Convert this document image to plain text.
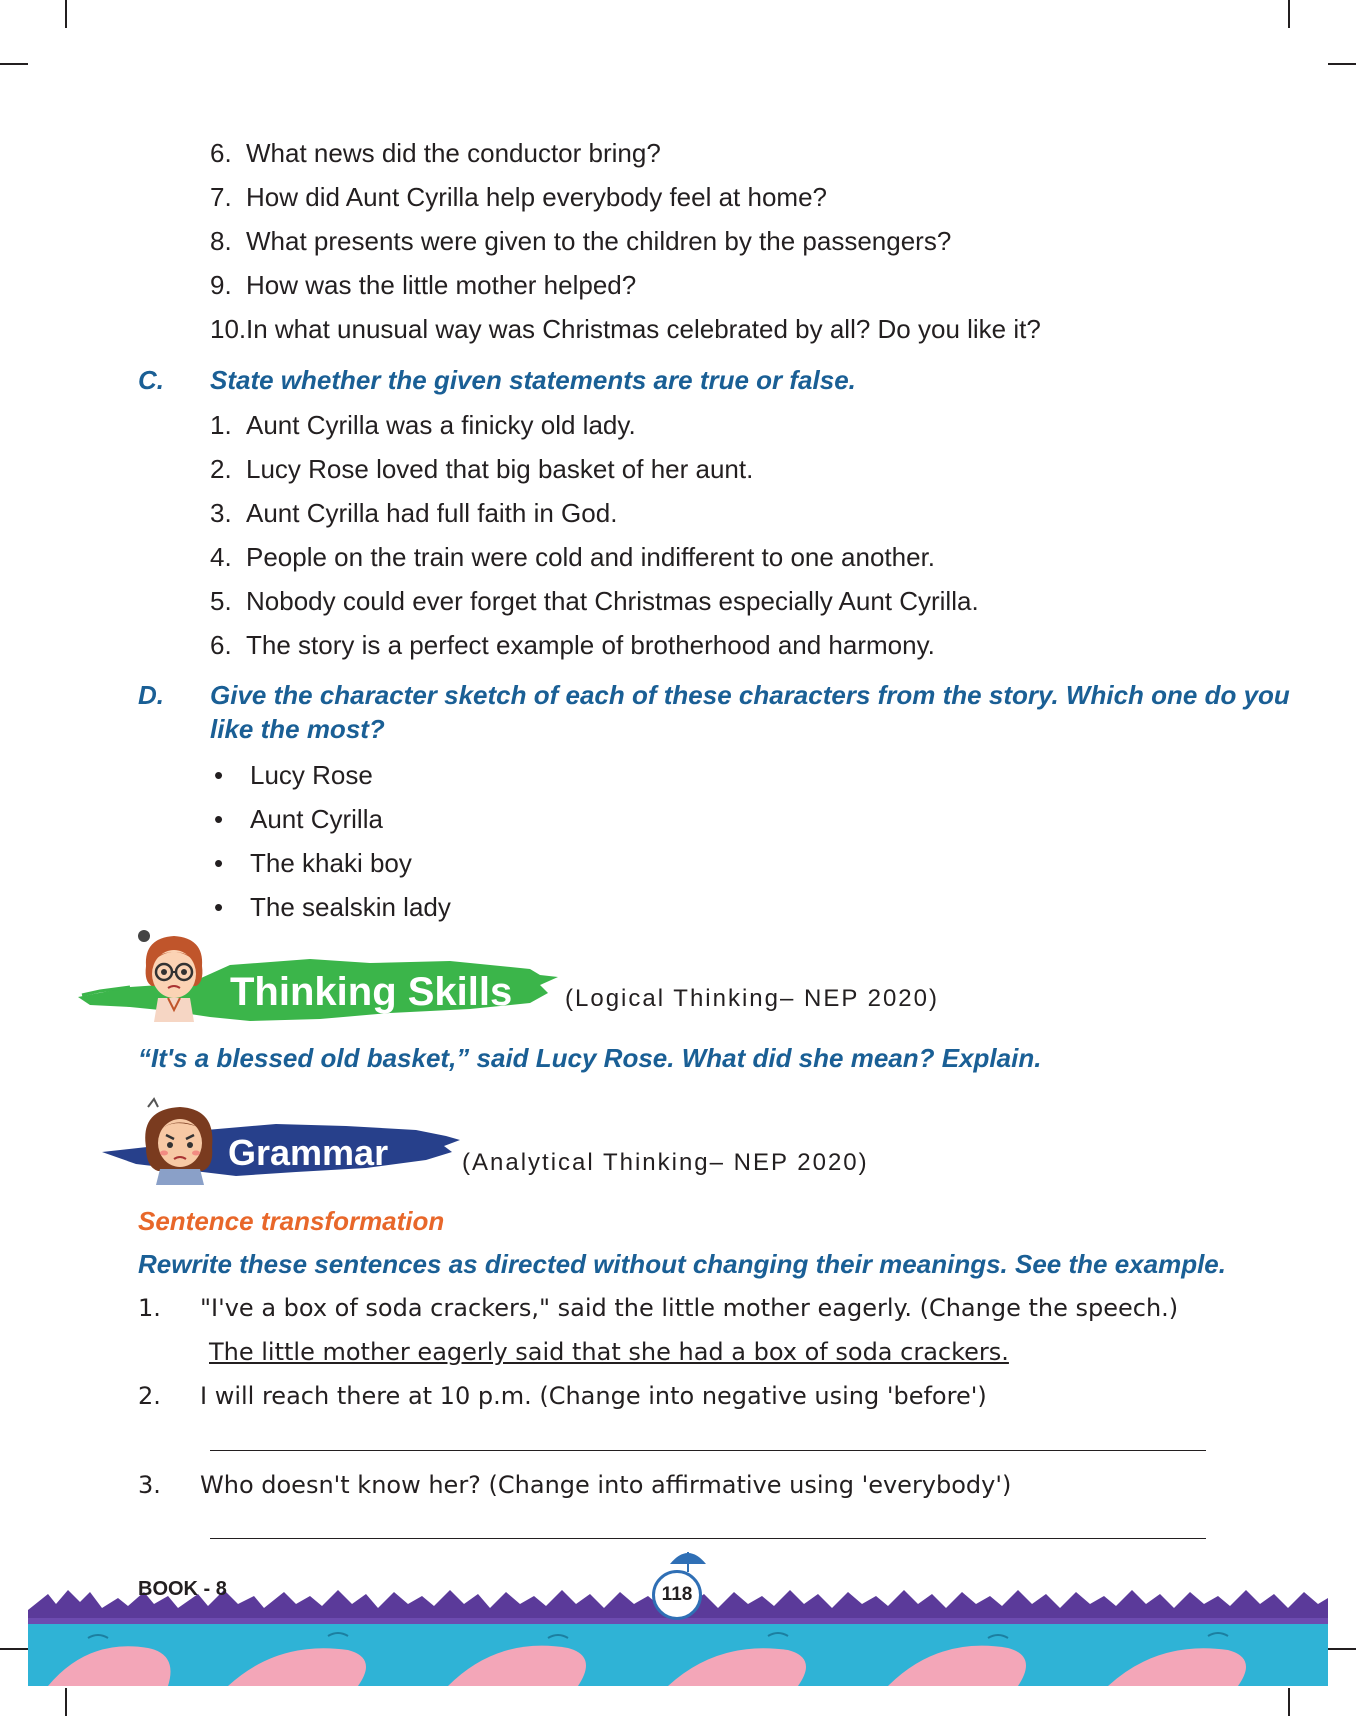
6. What news did the conductor bring?
7. How did Aunt Cyrilla help everybody feel at home?
8. What presents were given to the children by the passengers?
9. How was the little mother helped?
10.In what unusual way was Christmas celebrated by all? Do you like it?
C. State whether the given statements are true or false.
1. Aunt Cyrilla was a finicky old lady.
2. Lucy Rose loved that big basket of her aunt.
3. Aunt Cyrilla had full faith in God.
4. People on the train were cold and indifferent to one another.
5. Nobody could ever forget that Christmas especially Aunt Cyrilla.
6. The story is a perfect example of brotherhood and harmony.
D. Give the character sketch of each of these characters from the story. Which one do you
like the most?
• Lucy Rose
• Aunt Cyrilla
• The khaki boy
• The sealskin lady
Thinking Skills (Logical Thinking– NEP 2020)
“It's a blessed old basket,” said Lucy Rose. What did she mean? Explain.
Grammar	(Analytical Thinking– NEP 2020)
Sentence transformation
Rewrite these sentences as directed without changing their meanings. See the example.
1. "I've a box of soda crackers," said the little mother eagerly. (Change the speech.)
The little mother eagerly said that she had a box of soda crackers.
2. I will reach there at 10 p.m. (Change into negative using 'before')
3. Who doesn't know her? (Change into affirmative using 'everybody')
BOOK - 8	118
